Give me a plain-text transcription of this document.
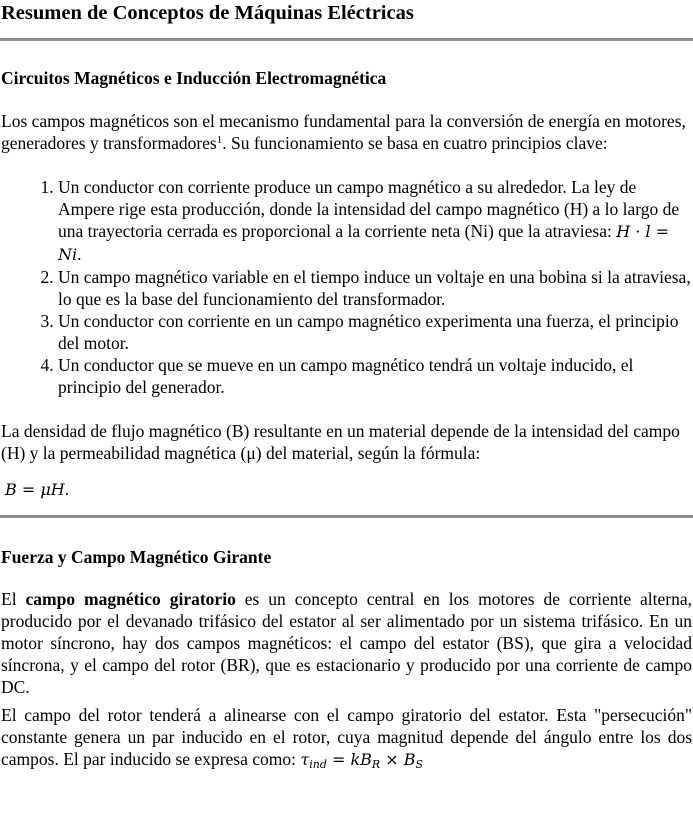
Resumen de Conceptos de Máquinas Eléctricas
Circuitos Magnéticos e Inducción Electromagnética

Los campos magnéticos son el mecanismo fundamental para la conversión de energía en motores, generadores y transformadores$^1$. Su funcionamiento se basa en cuatro principios clave:

1. Un conductor con corriente produce un campo magnético a su alrededor. La ley de Ampere rige esta producción, donde la intensidad del campo magnético (H) a lo largo de una trayectoria cerrada es proporcional a la corriente neta (Ni) que la atraviesa: H · l = Ni.
2. Un campo magnético variable en el tiempo induce un voltaje en una bobina si la atraviesa, lo que es la base del funcionamiento del transformador.
3. Un conductor con corriente en un campo magnético experimenta una fuerza, el principio del motor.
4. Un conductor que se mueve en un campo magnético tendrá un voltaje inducido, el principio del generador.

La densidad de flujo magnético (B) resultante en un material depende de la intensidad del campo (H) y la permeabilidad magnética (μ) del material, según la fórmula:

B = μH.

Fuerza y Campo Magnético Girante

El campo magnético giratorio es un concepto central en los motores de corriente alterna, producido por el devanado trifásico del estator al ser alimentado por un sistema trifásico. En un motor síncrono, hay dos campos magnéticos: el campo del estator (BS), que gira a velocidad síncrona, y el campo del rotor (BR), que es estacionario y producido por una corriente de campo DC.

El campo del rotor tenderá a alinearse con el campo giratorio del estator. Esta "persecución" constante genera un par inducido en el rotor, cuya magnitud depende del ángulo entre los dos campos. El par inducido se expresa como: $\tau_{ind} = kB_R \times B_S$
